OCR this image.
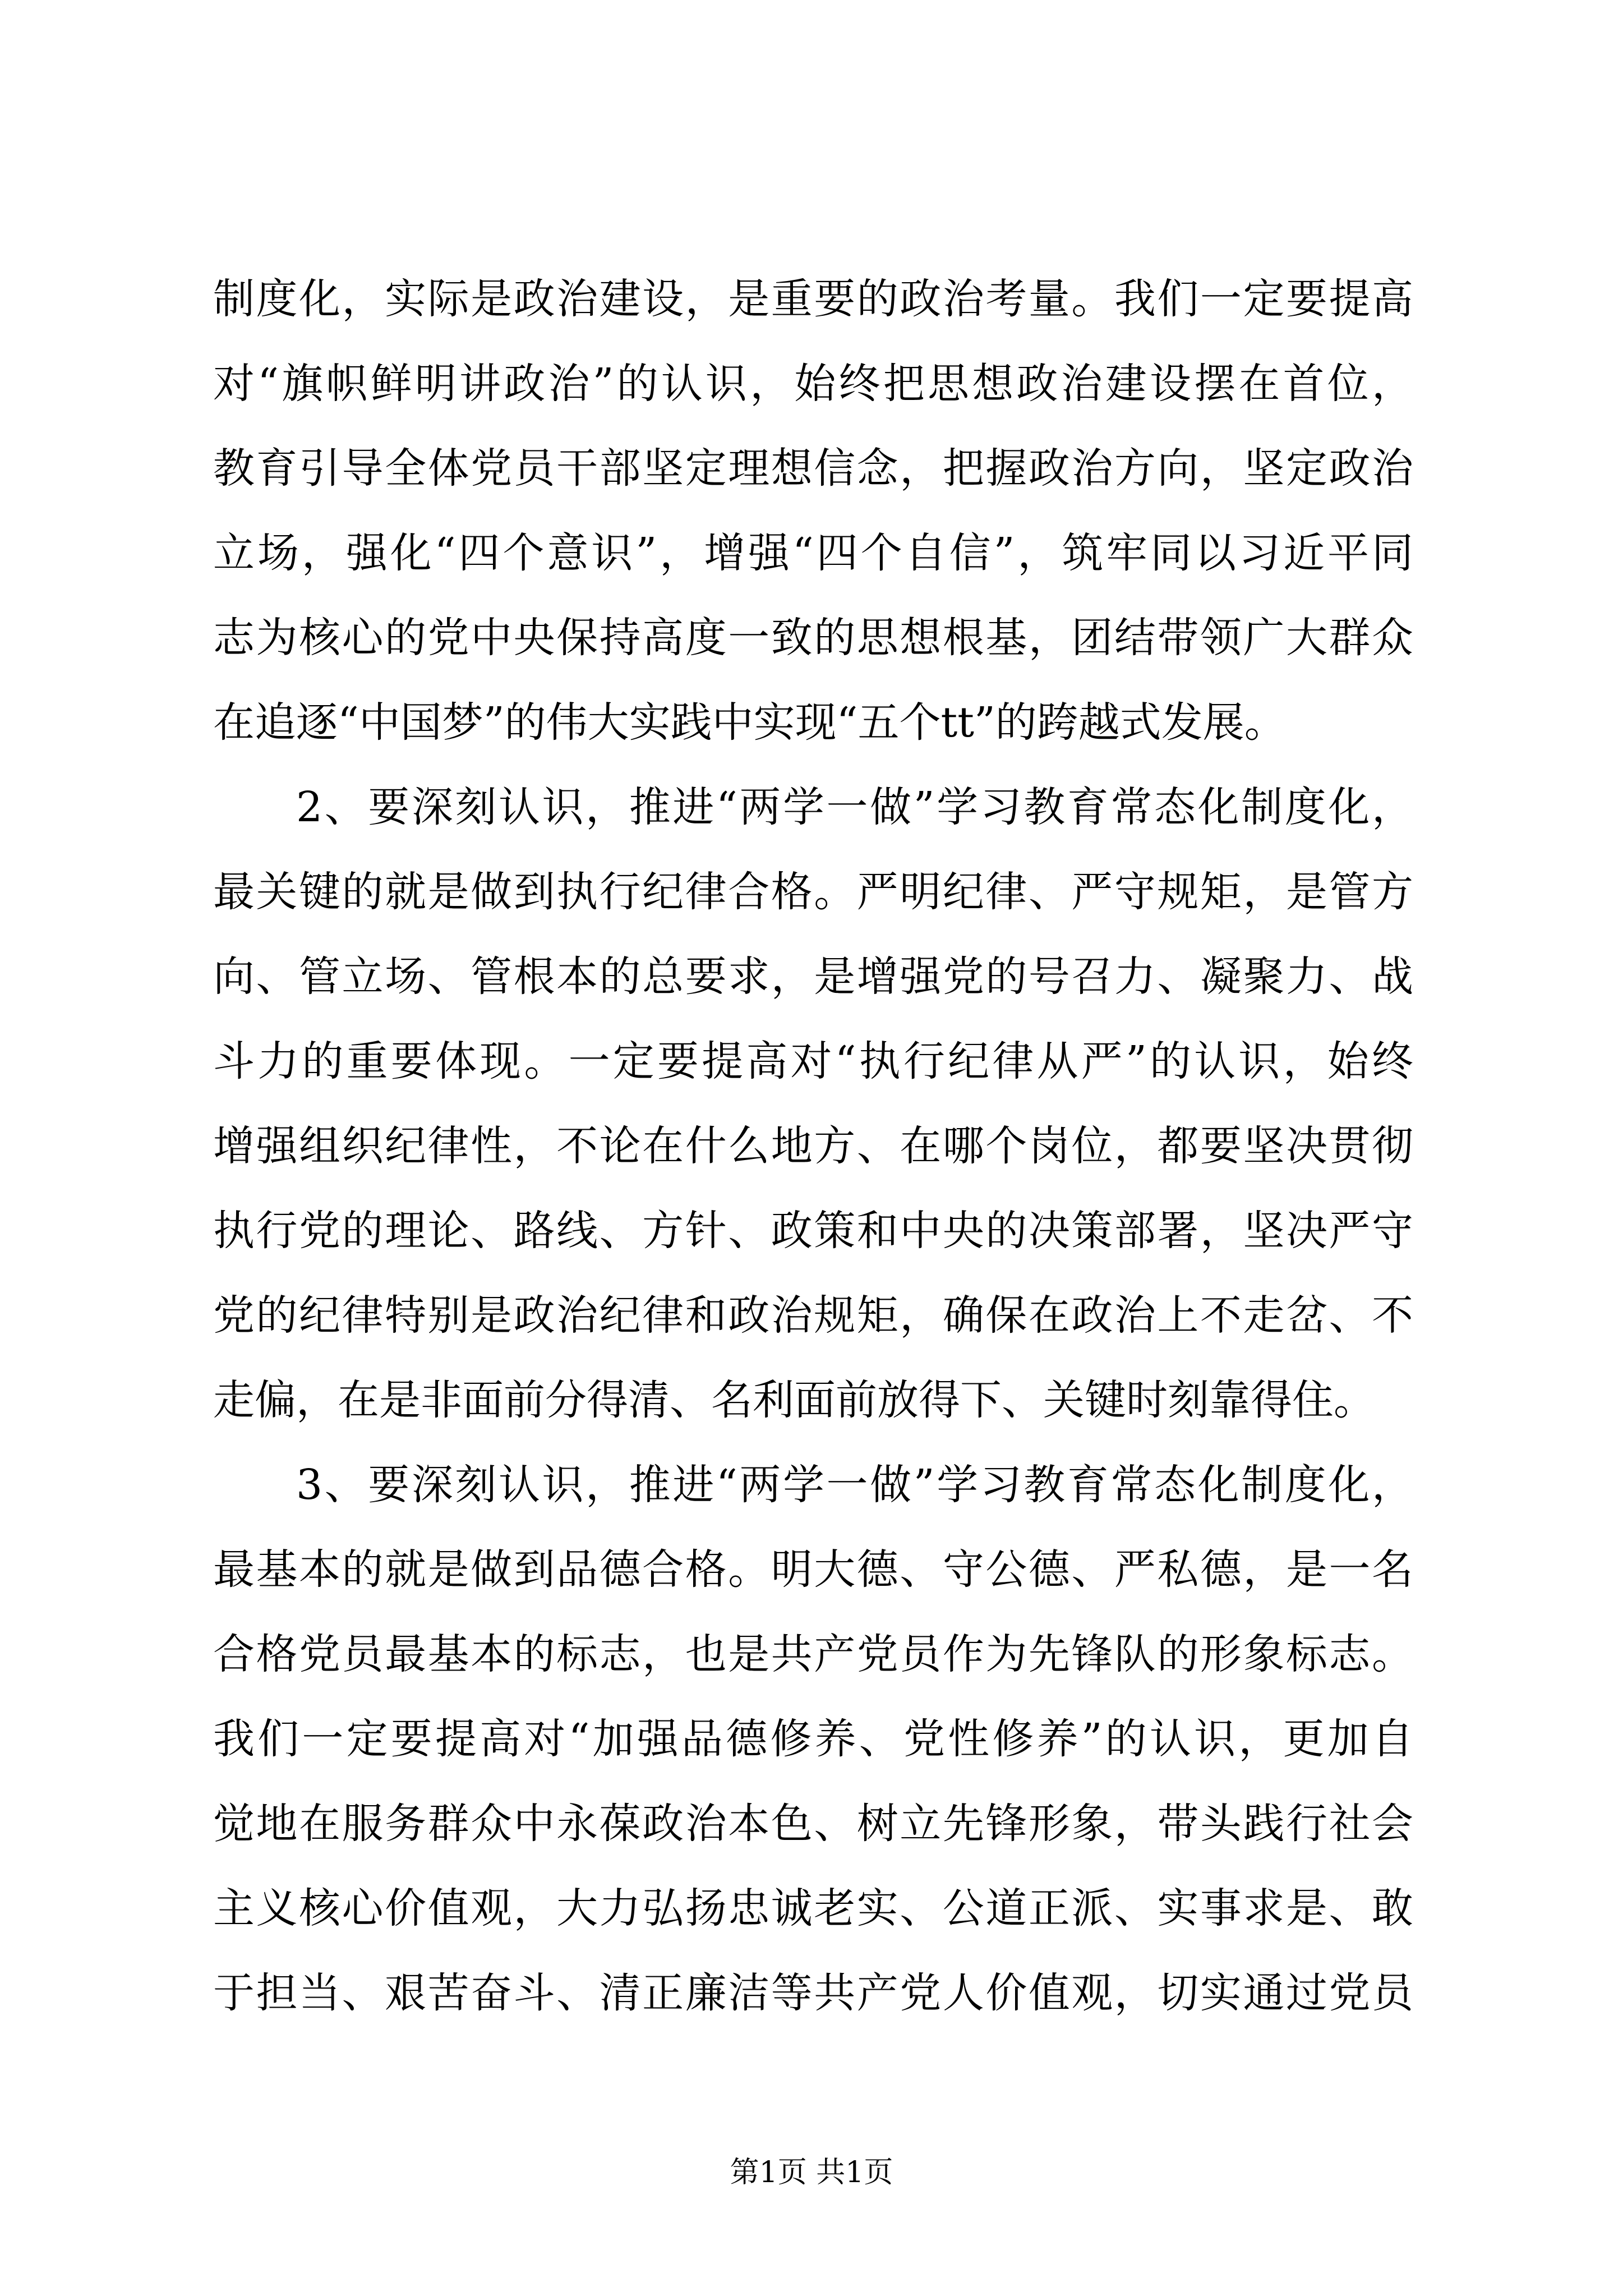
制度化，实际是政治建设，是重要的政治考量。我们一定要提高
对“旗帜鲜明讲政治”的认识，始终把思想政治建设摆在首位，
教育引导全体党员干部坚定理想信念，把握政治方向，坚定政治
立场，强化“四个意识”，增强“四个自信”，筑牢同以习近平同
志为核心的党中央保持高度一致的思想根基，团结带领广大群众
在追逐“中国梦”的伟大实践中实现“五个tt”的跨越式发展。
2、要深刻认识，推进“两学一做”学习教育常态化制度化，
最关键的就是做到执行纪律合格。严明纪律、严守规矩，是管方
向、管立场、管根本的总要求，是增强党的号召力、凝聚力、战
斗力的重要体现。一定要提高对“执行纪律从严”的认识，始终
增强组织纪律性，不论在什么地方、在哪个岗位，都要坚决贯彻
执行党的理论、路线、方针、政策和中央的决策部署，坚决严守
党的纪律特别是政治纪律和政治规矩，确保在政治上不走岔、不
走偏，在是非面前分得清、名利面前放得下、关键时刻靠得住。
3、要深刻认识，推进“两学一做”学习教育常态化制度化，
最基本的就是做到品德合格。明大德、守公德、严私德，是一名
合格党员最基本的标志，也是共产党员作为先锋队的形象标志。
我们一定要提高对“加强品德修养、党性修养”的认识，更加自
觉地在服务群众中永葆政治本色、树立先锋形象，带头践行社会
主义核心价值观，大力弘扬忠诚老实、公道正派、实事求是、敢
于担当、艰苦奋斗、清正廉洁等共产党人价值观，切实通过党员
第1页 共1页
